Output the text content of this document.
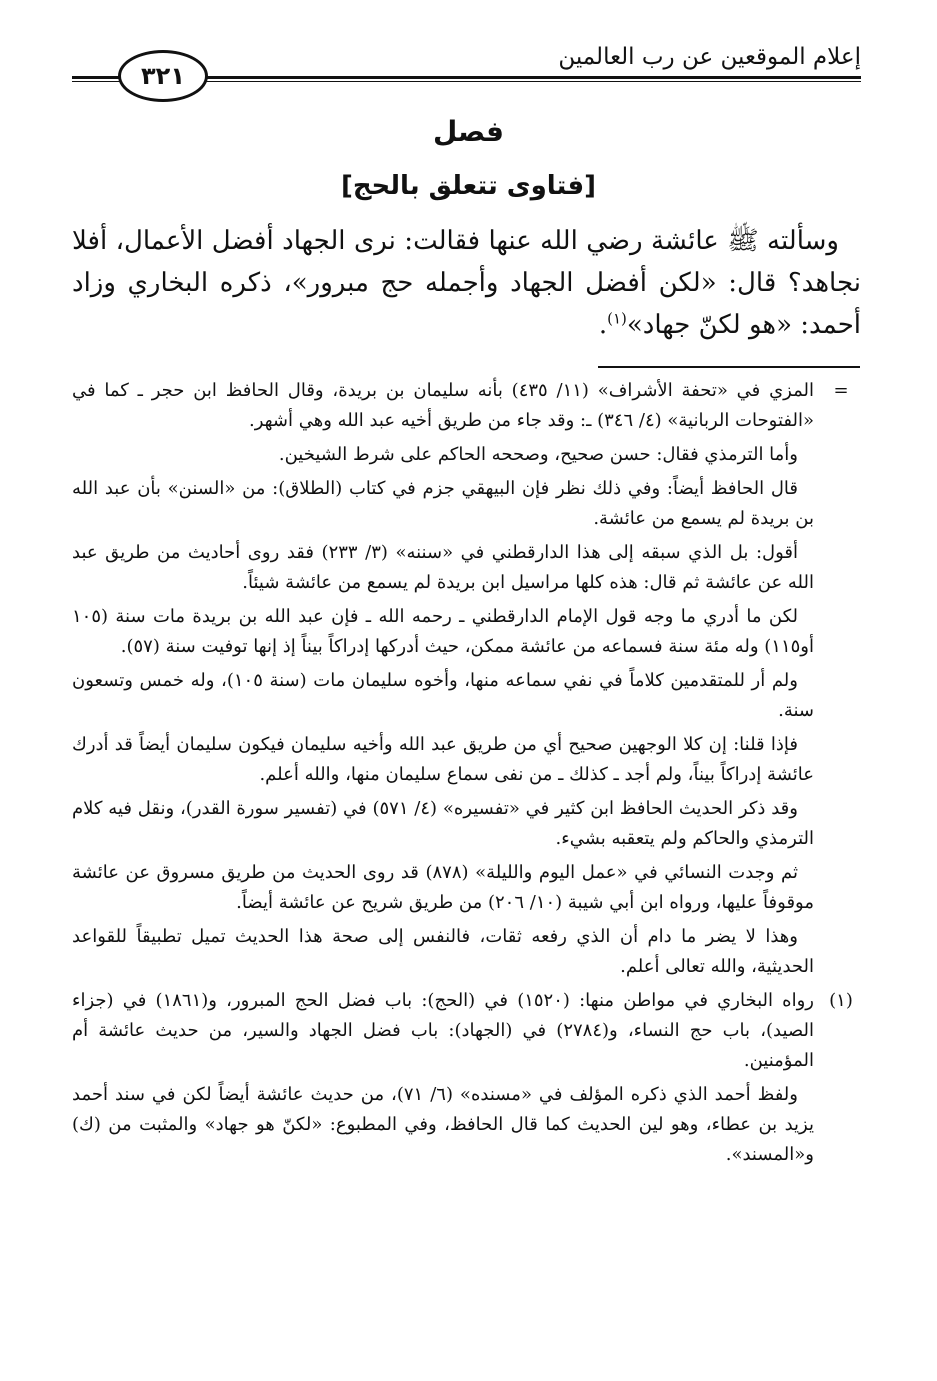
إعلام الموقعين عن رب العالمين
٣٢١
فصل
[فتاوى تتعلق بالحج]

وسألته ﷺ عائشة رضي الله عنها فقالت: نرى الجهاد أفضل الأعمال، أفلا نجاهد؟ قال: «لكن أفضل الجهاد وأجمله حج مبرور»، ذكره البخاري وزاد أحمد: «هو لكنّ جهاد»$^{(١)}$.

=

المزي في «تحفة الأشراف» (١١/ ٤٣٥) بأنه سليمان بن بريدة، وقال الحافظ ابن حجر ـ كما في «الفتوحات الربانية» (٤/ ٣٤٦) ـ: وقد جاء من طريق أخيه عبد الله وهي أشهر.

وأما الترمذي فقال: حسن صحيح، وصححه الحاكم على شرط الشيخين.

قال الحافظ أيضاً: وفي ذلك نظر فإن البيهقي جزم في كتاب (الطلاق): من «السنن» بأن عبد الله بن بريدة لم يسمع من عائشة.

أقول: بل الذي سبقه إلى هذا الدارقطني في «سننه» (٣/ ٢٣٣) فقد روى أحاديث من طريق عبد الله عن عائشة ثم قال: هذه كلها مراسيل ابن بريدة لم يسمع من عائشة شيئاً.

لكن ما أدري ما وجه قول الإمام الدارقطني ـ رحمه الله ـ فإن عبد الله بن بريدة مات سنة (١٠٥ أو١١٥) وله مئة سنة فسماعه من عائشة ممكن، حيث أدركها إدراكاً بيناً إذ إنها توفيت سنة (٥٧).

ولم أر للمتقدمين كلاماً في نفي سماعه منها، وأخوه سليمان مات (سنة ١٠٥)، وله خمس وتسعون سنة.

فإذا قلنا: إن كلا الوجهين صحيح أي من طريق عبد الله وأخيه سليمان فيكون سليمان أيضاً قد أدرك عائشة إدراكاً بيناً، ولم أجد ـ كذلك ـ من نفى سماع سليمان منها، والله أعلم.

وقد ذكر الحديث الحافظ ابن كثير في «تفسيره» (٤/ ٥٧١) في (تفسير سورة القدر)، ونقل فيه كلام الترمذي والحاكم ولم يتعقبه بشيء.

ثم وجدت النسائي في «عمل اليوم والليلة» (٨٧٨) قد روى الحديث من طريق مسروق عن عائشة موقوفاً عليها، ورواه ابن أبي شيبة (١٠/ ٢٠٦) من طريق شريح عن عائشة أيضاً.

وهذا لا يضر ما دام أن الذي رفعه ثقات، فالنفس إلى صحة هذا الحديث تميل تطبيقاً للقواعد الحديثية، والله تعالى أعلم.

(١)

رواه البخاري في مواطن منها: (١٥٢٠) في (الحج): باب فضل الحج المبرور، و(١٨٦١) في (جزاء الصيد)، باب حج النساء، و(٢٧٨٤) في (الجهاد): باب فضل الجهاد والسير، من حديث عائشة أم المؤمنين.

ولفظ أحمد الذي ذكره المؤلف في «مسنده» (٦/ ٧١)، من حديث عائشة أيضاً لكن في سند أحمد يزيد بن عطاء، وهو لين الحديث كما قال الحافظ، وفي المطبوع: «لكنّ هو جهاد» والمثبت من (ك) و«المسند».
